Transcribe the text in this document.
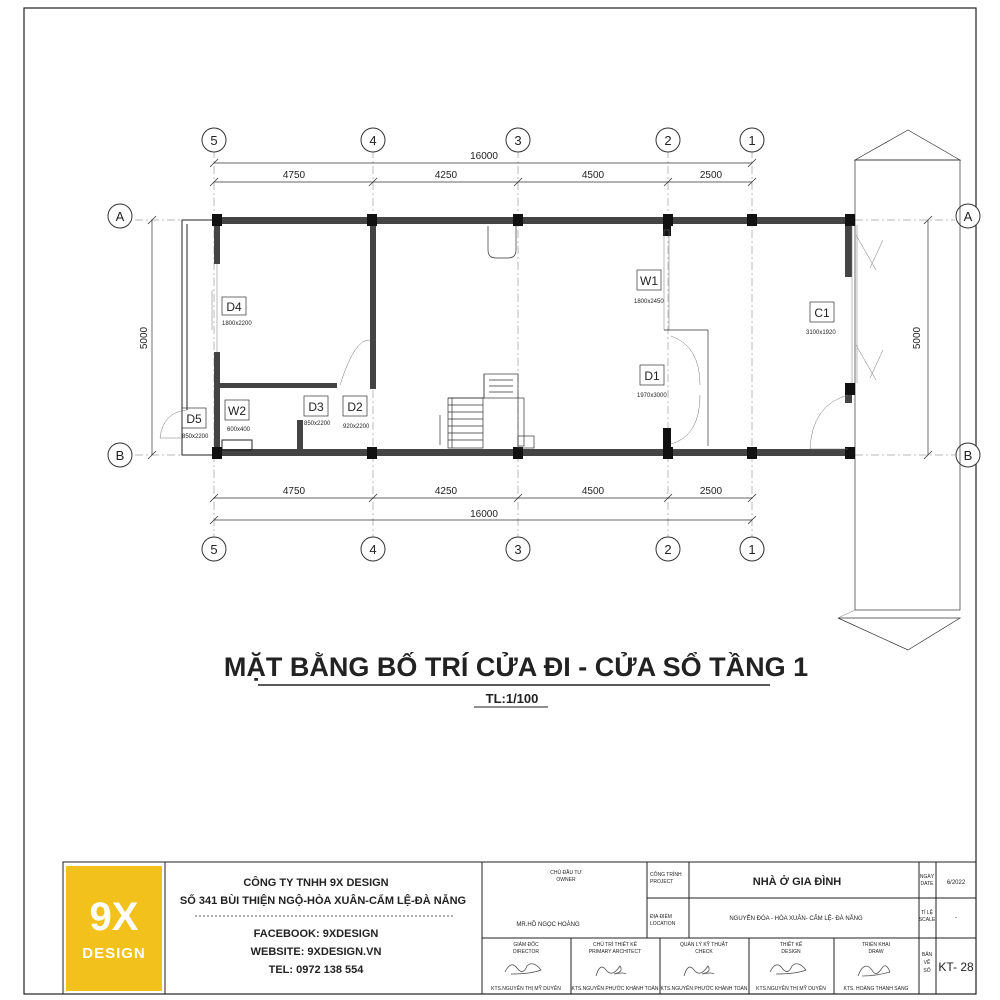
5	4	3	2	1
5	4	3	2	1
A
B
A
B
16000
4750	4250	4500	2500
4750	4250	4500	2500
16000
5000	5000
D4
1800x2200
W1
1800x2450
C1
3100x1920
D1
1970x3000
D5
850x2200
W2
600x400
D3
850x2200
D2
920x2200
MẶT BẰNG BỐ TRÍ CỬA ĐI - CỬA SỔ TẦNG 1
TL:1/100
9X
DESIGN
CÔNG TY TNHH 9X DESIGN
SỐ 341 BÙI THIỆN NGỘ-HÒA XUÂN-CẨM LỆ-ĐÀ NẴNG
FACEBOOK: 9XDESIGN
WEBSITE: 9XDESIGN.VN
TEL: 0972 138 554
CHỦ ĐẦU TƯ
OWNER
MR.HỒ NGỌC HOÀNG
CÔNG TRÌNH
PROJECT	NHÀ Ở GIA ĐÌNH
ĐỊA ĐIỂM
LOCATION
NGUYỄN ĐÓA - HÒA XUÂN- CẨM LỆ- ĐÀ NẴNG
NGÀY
DATE 6/2022
TỈ LỆ
SCALE	-
BẢN
VẼ
SỐ KT- 28
GIÁM ĐỐC
DIRECTOR
KTS.NGUYỄN THỊ MỸ DUYÊN
CHỦ TRÌ THIẾT KẾ
PRIMARY ARCHITECT
KTS.NGUYỄN PHƯỚC KHÁNH TOÀN
QUẢN LÝ KỸ THUẬT
CHECK
KTS.NGUYỄN PHƯỚC KHÁNH TOÀN
THIẾT KẾ
DESIGN
KTS.NGUYỄN THỊ MỸ DUYÊN
TRIỂN KHAI
DRAW
KTS. HOÀNG THANH SANG
